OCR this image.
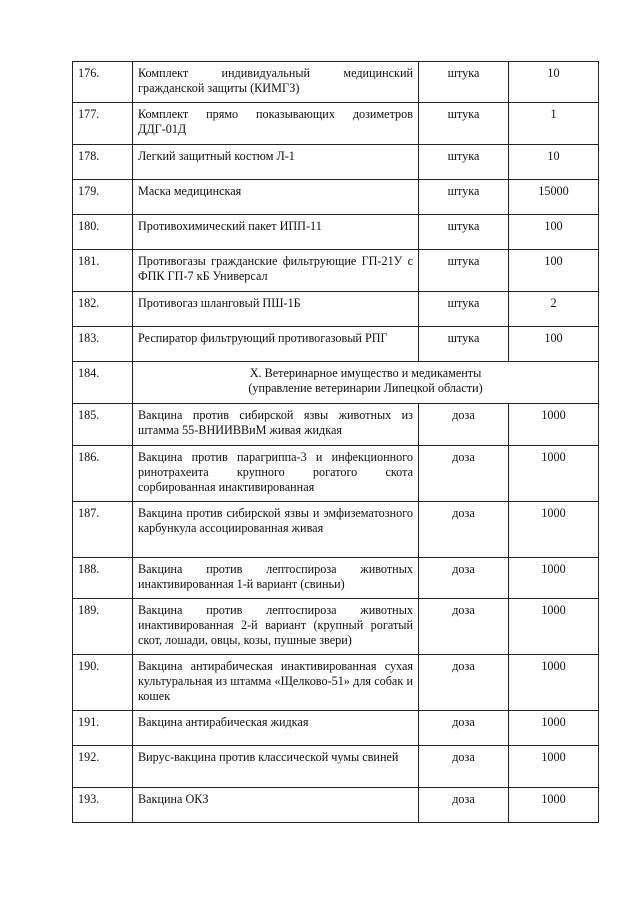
176.	Комплект индивидуальный медицинский гражданской защиты (КИМГЗ)	штука	10
177.	Комплект прямо показывающих дозиметров ДДГ-01Д	штука	1
178.	Легкий защитный костюм Л-1	штука	10
179.	Маска медицинская	штука	15000
180.	Противохимический пакет ИПП-11	штука	100
181.	Противогазы гражданские фильтрующие ГП-21У с ФПК ГП-7 кБ Универсал	штука	100
182.	Противогаз шланговый ПШ-1Б	штука	2
183.	Респиратор фильтрующий противогазовый РПГ	штука	100
184.	X. Ветеринарное имущество и медикаменты
(управление ветеринарии Липецкой области)		

185.	Вакцина против сибирской язвы животных из штамма 55-ВНИИВВиМ живая жидкая	доза	1000
186.	Вакцина против парагриппа-3 и инфекционного ринотрахеита крупного рогатого скота сорбированная инактивированная	доза	1000
187.	Вакцина против сибирской язвы и эмфизематозного карбункула ассоциированная живая	доза	1000
188.	Вакцина против лептоспироза животных инактивированная 1-й вариант (свиньи)	доза	1000
189.	Вакцина против лептоспироза животных инактивированная 2-й вариант (крупный рогатый скот, лошади, овцы, козы, пушные звери)	доза	1000
190.	Вакцина антирабическая инактивированная сухая культуральная из штамма «Щелково-51» для собак и кошек	доза	1000
191.	Вакцина антирабическая жидкая	доза	1000
192.	Вирус-вакцина против классической чумы свиней	доза	1000
193.	Вакцина ОКЗ	доза	1000
